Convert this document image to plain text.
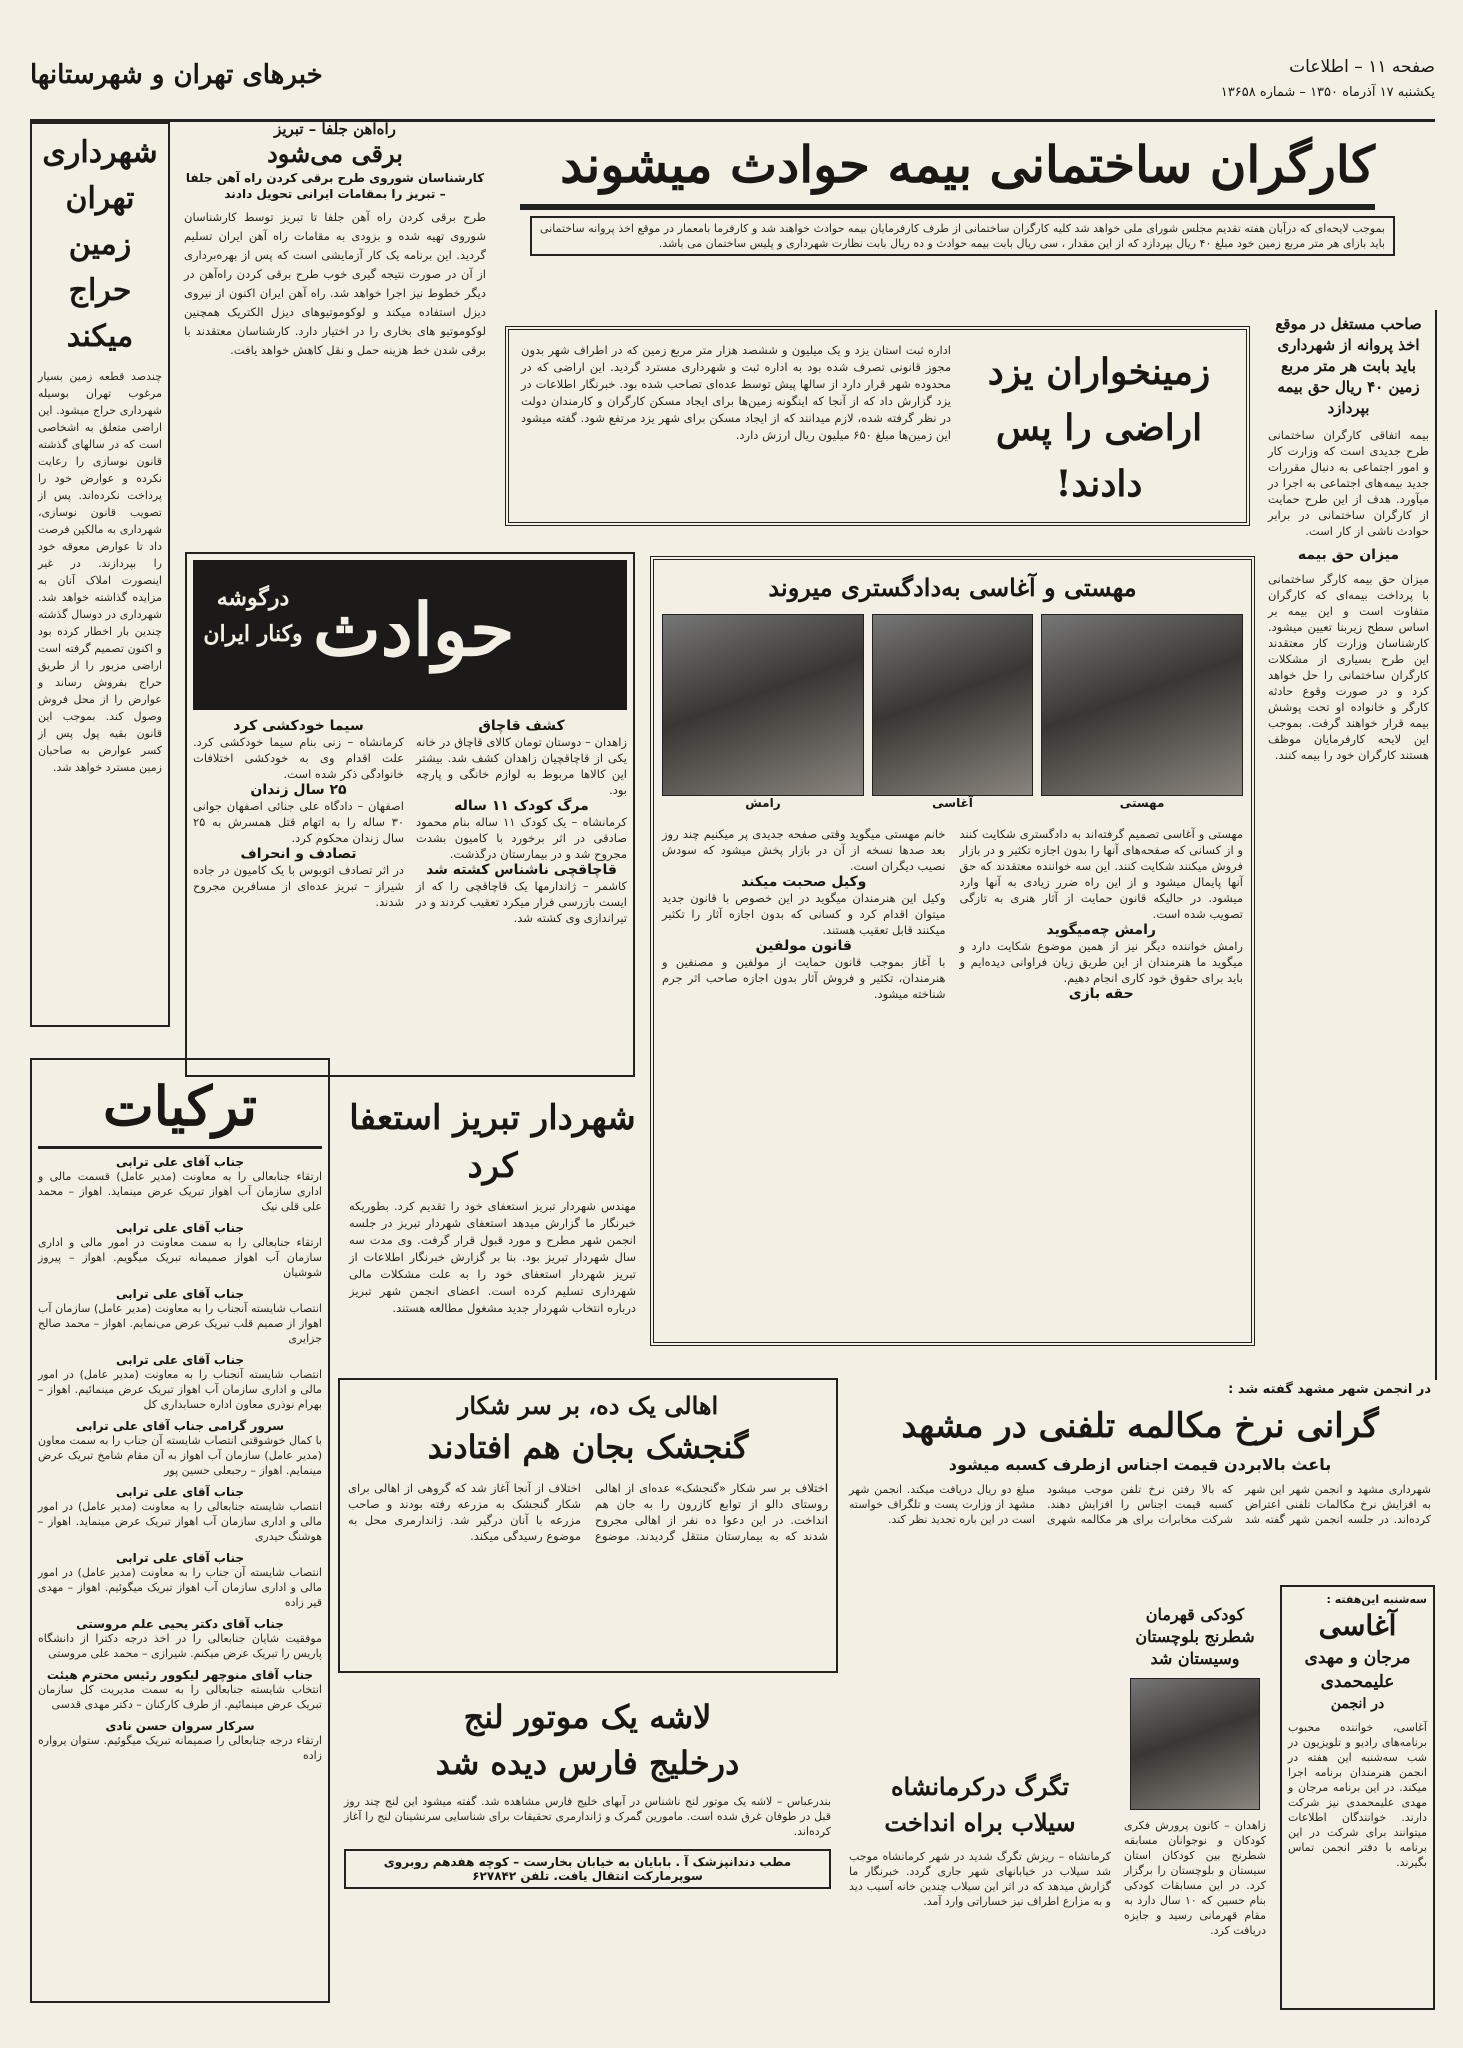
خبرهای تهران و شهرستانها	صفحه ۱۱ – اطلاعات
یکشنبه ۱۷ آذرماه ۱۳۵۰ – شماره ۱۳۶۵۸
کارگران ساختمانی بیمه حوادث میشوند
بموجب لایحه‌ای که درآبان هفته تقدیم مجلس شورای ملی خواهد شد کلیه کارگران ساختمانی از طرف کارفرمایان بیمه حوادث خواهند شد و کارفرما بامعمار در موقع اخذ پروانه ساختمانی باید بازای هر متر مربع زمین خود مبلغ ۴۰ ریال بپردازد که از این مقدار ، سی ریال بابت بیمه حوادث و ده ریال بابت نظارت شهرداری و پلیس ساختمان می باشد.
شهرداری تهران زمین حراج میکند
چندصد قطعه زمین بسیار مرغوب تهران بوسیله شهرداری حراج میشود. این اراضی متعلق به اشخاصی است که در سالهای گذشته قانون نوسازی را رعایت نکرده و عوارض خود را پرداخت نکرده‌اند. پس از تصویب قانون نوسازی، شهرداری به مالکین فرصت داد تا عوارض معوقه خود را بپردازند. در غیر اینصورت املاک آنان به مزایده گذاشته خواهد شد. شهرداری در دوسال گذشته چندین بار اخطار کرده بود و اکنون تصمیم گرفته است اراضی مزبور را از طریق حراج بفروش رساند و عوارض را از محل فروش وصول کند. بموجب این قانون بقیه پول پس از کسر عوارض به صاحبان زمین مسترد خواهد شد.
راه‌آهن جلفا – تبریز
برقی می‌شود
کارشناسان شوروی طرح برقی کردن راه آهن جلفا – تبریز را بمقامات ایرانی تحویل دادند
طرح برقی کردن راه آهن جلفا تا تبریز توسط کارشناسان شوروی تهیه شده و بزودی به مقامات راه آهن ایران تسلیم گردید. این برنامه یک کار آزمایشی است که پس از بهره‌برداری از آن در صورت نتیجه گیری خوب طرح برقی کردن راه‌آهن در دیگر خطوط نیز اجرا خواهد شد. راه آهن ایران اکنون از نیروی دیزل استفاده میکند و لوکوموتیوهای دیزل الکتریک همچنین لوکوموتیو های بخاری را در اختیار دارد. کارشناسان معتقدند با برقی شدن خط هزینه حمل و نقل کاهش خواهد یافت.
زمینخواران یزد اراضی را پس دادند!
اداره ثبت استان یزد و یک میلیون و ششصد هزار متر مربع زمین که در اطراف شهر بدون مجوز قانونی تصرف شده بود به اداره ثبت و شهرداری مسترد گردید. این اراضی که در محدوده شهر قرار دارد از سالها پیش توسط عده‌ای تصاحب شده بود. خبرنگار اطلاعات در یزد گزارش داد که از آنجا که اینگونه زمین‌ها برای ایجاد مسکن کارگران و کارمندان دولت در نظر گرفته شده، لازم میدانند که از ایجاد مسکن برای شهر یزد مرتفع شود. گفته میشود این زمین‌ها مبلغ ۶۵۰ میلیون ریال ارزش دارد.
صاحب مستغل در موقع اخذ پروانه از شهرداری باید بابت هر متر مربع زمین ۴۰ ریال حق بیمه بپردازد
بیمه اتفاقی کارگران ساختمانی طرح جدیدی است که وزارت کار و امور اجتماعی به دنبال مقررات جدید بیمه‌های اجتماعی به اجرا در میآورد. هدف از این طرح حمایت از کارگران ساختمانی در برابر حوادث ناشی از کار است.
میزان حق بیمه
میزان حق بیمه کارگر ساختمانی با پرداخت بیمه‌ای که کارگران متفاوت است و این بیمه بر اساس سطح زیربنا تعیین میشود. کارشناسان وزارت کار معتقدند این طرح بسیاری از مشکلات کارگران ساختمانی را حل خواهد کرد و در صورت وقوع حادثه کارگر و خانواده او تحت پوشش بیمه قرار خواهند گرفت. بموجب این لایحه کارفرمایان موظف هستند کارگران خود را بیمه کنند.
حوادث
درگوشه وکنار ایران
کشف قاچاق
زاهدان – دوستان تومان کالای قاچاق در خانه یکی از قاچاقچیان زاهدان کشف شد. بیشتر این کالاها مربوط به لوازم خانگی و پارچه بود.
مرگ کودک ۱۱ ساله
کرمانشاه – یک کودک ۱۱ ساله بنام محمود صادقی در اثر برخورد با کامیون بشدت مجروح شد و در بیمارستان درگذشت.
قاچاقچی ناشناس کشته شد
کاشمر – ژاندارمها یک قاچاقچی را که از ایست بازرسی فرار میکرد تعقیب کردند و در تیراندازی وی کشته شد.
سیما خودکشی کرد
کرمانشاه – زنی بنام سیما خودکشی کرد. علت اقدام وی به خودکشی اختلافات خانوادگی ذکر شده است.
۲۵ سال زندان
اصفهان – دادگاه علی جنائی اصفهان جوانی ۳۰ ساله را به اتهام قتل همسرش به ۲۵ سال زندان محکوم کرد.
تصادف و انحراف
در اثر تصادف اتوبوس با یک کامیون در جاده شیراز – تبریز عده‌ای از مسافرین مجروح شدند.
مهستی و آغاسی به‌دادگستری میروند
مهستی
آغاسی
رامش
مهستی و آغاسی تصمیم گرفته‌اند به دادگستری شکایت کنند و از کسانی که صفحه‌های آنها را بدون اجازه تکثیر و در بازار فروش میکنند شکایت کنند. این سه خواننده معتقدند که حق آنها پایمال میشود و از این راه ضرر زیادی به آنها وارد میشود. در حالیکه قانون حمایت از آثار هنری به تازگی تصویب شده است.
رامش چه‌میگوید
رامش خواننده دیگر نیز از همین موضوع شکایت دارد و میگوید ما هنرمندان از این طریق زیان فراوانی دیده‌ایم و باید برای حقوق خود کاری انجام دهیم.
حقه بازی
خانم مهستی میگوید وقتی صفحه جدیدی پر میکنیم چند روز بعد صدها نسخه از آن در بازار پخش میشود که سودش نصیب دیگران است.
وکیل صحبت میکند
وکیل این هنرمندان میگوید در این خصوص با قانون جدید میتوان اقدام کرد و کسانی که بدون اجازه آثار را تکثیر میکنند قابل تعقیب هستند.
قانون مولفین
با آغاز بموجب قانون حمایت از مولفین و مصنفین و هنرمندان، تکثیر و فروش آثار بدون اجازه صاحب اثر جرم شناخته میشود.
ترکیات
جناب آقای علی ترابی
ارتقاء جنابعالی را به معاونت (مدیر عامل) قسمت مالی و اداری سازمان آب اهواز تبریک عرض مینماید. اهواز – محمد علی قلی نیک
جناب آقای علی ترابی
ارتقاء جنابعالی را به سمت معاونت در امور مالی و اداری سازمان آب اهواز صمیمانه تبریک میگویم. اهواز – پیروز شوشیان
جناب آقای علی ترابی
انتصاب شایسته آنجناب را به معاونت (مدیر عامل) سازمان آب اهواز از صمیم قلب تبریک عرض می‌نمایم. اهواز – محمد صالح جزایری
جناب آقای علی ترابی
انتصاب شایسته آنجناب را به معاونت (مدیر عامل) در امور مالی و اداری سازمان آب اهواز تبریک عرض مینمائیم. اهواز – بهرام نوذری معاون اداره حسابداری کل
سرور گرامی جناب آقای علی ترابی
با کمال خوشوقتی انتصاب شایسته آن جناب را به سمت معاون (مدیر عامل) سازمان آب اهواز به آن مقام شامخ تبریک عرض مینمایم. اهواز – رجبعلی حسین پور
جناب آقای علی ترابی
انتصاب شایسته جنابعالی را به معاونت (مدیر عامل) در امور مالی و اداری سازمان آب اهواز تبریک عرض مینماید. اهواز – هوشنگ حیدری
جناب آقای علی ترابی
انتصاب شایسته آن جناب را به معاونت (مدیر عامل) در امور مالی و اداری سازمان آب اهواز تبریک میگوئیم. اهواز – مهدی قیر زاده
جناب آقای دکتر یحیی علم مروستی
موفقیت شایان جنابعالی را در اخذ درجه دکترا از دانشگاه پاریس را تبریک عرض میکنم. شیرازی – محمد علی مروستی
جناب آقای منوچهر لیکوور رئیس محترم هیئت
انتخاب شایسته جنابعالی را به سمت مدیریت کل سازمان تبریک عرض مینمائیم. از طرف کارکنان – دکتر مهدی قدسی
سرکار سروان حسن نادی
ارتقاء درجه جنابعالی را صمیمانه تبریک میگوئیم. ستوان یرواره زاده
شهردار تبریز استعفا کرد
مهندس شهردار تبریز استعفای خود را تقدیم کرد. بطوریکه خبرنگار ما گزارش میدهد استعفای شهردار تبریز در جلسه انجمن شهر مطرح و مورد قبول قرار گرفت. وی مدت سه سال شهردار تبریز بود. بنا بر گزارش خبرنگار اطلاعات از تبریز شهردار استعفای خود را به علت مشکلات مالی شهرداری تسلیم کرده است. اعضای انجمن شهر تبریز درباره انتخاب شهردار جدید مشغول مطالعه هستند.
اهالی یک ده، بر سر شکار
گنجشک بجان هم افتادند
اختلاف بر سر شکار «گنجشک» عده‌ای از اهالی روستای دالو از توابع کازرون را به جان هم انداخت. در این دعوا ده نفر از اهالی مجروح شدند که به بیمارستان منتقل گردیدند. موضوع اختلاف از آنجا آغاز شد که گروهی از اهالی برای شکار گنجشک به مزرعه رفته بودند و صاحب مزرعه با آنان درگیر شد. ژاندارمری محل به موضوع رسیدگی میکند.
در انجمن شهر مشهد گفته شد :
گرانی نرخ مکالمه تلفنی در مشهد
باعث بالابردن قیمت اجناس ازطرف کسبه میشود
شهرداری مشهد و انجمن شهر این شهر به افزایش نرخ مکالمات تلفنی اعتراض کرده‌اند. در جلسه انجمن شهر گفته شد که بالا رفتن نرخ تلفن موجب میشود کسبه قیمت اجناس را افزایش دهند. شرکت مخابرات برای هر مکالمه شهری مبلغ دو ریال دریافت میکند. انجمن شهر مشهد از وزارت پست و تلگراف خواسته است در این باره تجدید نظر کند.
سه‌شنبه این‌هفته :
آغاسی
مرجان و مهدی علیمحمدی
در انجمن
آغاسی، خواننده محبوب برنامه‌های رادیو و تلویزیون در شب سه‌شنبه این هفته در انجمن هنرمندان برنامه اجرا میکند. در این برنامه مرجان و مهدی علیمحمدی نیز شرکت دارند. خوانندگان اطلاعات میتوانند برای شرکت در این برنامه با دفتر انجمن تماس بگیرند.
کودکی قهرمان شطرنج بلوچستان وسیستان شد
زاهدان – کانون پرورش فکری کودکان و نوجوانان مسابقه شطرنج بین کودکان استان سیستان و بلوچستان را برگزار کرد. در این مسابقات کودکی بنام حسین که ۱۰ سال دارد به مقام قهرمانی رسید و جایزه دریافت کرد.
تگرگ درکرمانشاه
سیلاب براه انداخت
کرمانشاه – ریزش تگرگ شدید در شهر کرمانشاه موجب شد سیلاب در خیابانهای شهر جاری گردد. خبرنگار ما گزارش میدهد که در اثر این سیلاب چندین خانه آسیب دید و به مزارع اطراف نیز خساراتی وارد آمد.
لاشه یک موتور لنج
درخلیج فارس دیده شد
بندرعباس – لاشه یک موتور لنج ناشناس در آبهای خلیج فارس مشاهده شد. گفته میشود این لنج چند روز قبل در طوفان غرق شده است. مامورین گمرک و ژاندارمری تحقیقات برای شناسایی سرنشینان لنج را آغاز کرده‌اند.
مطب دندانپزشک آ . بابایان به خیابان بخارست – کوچه هفدهم روبروی سوپرمارکت انتقال یافت. تلفن ۶۲۷۸۴۲
